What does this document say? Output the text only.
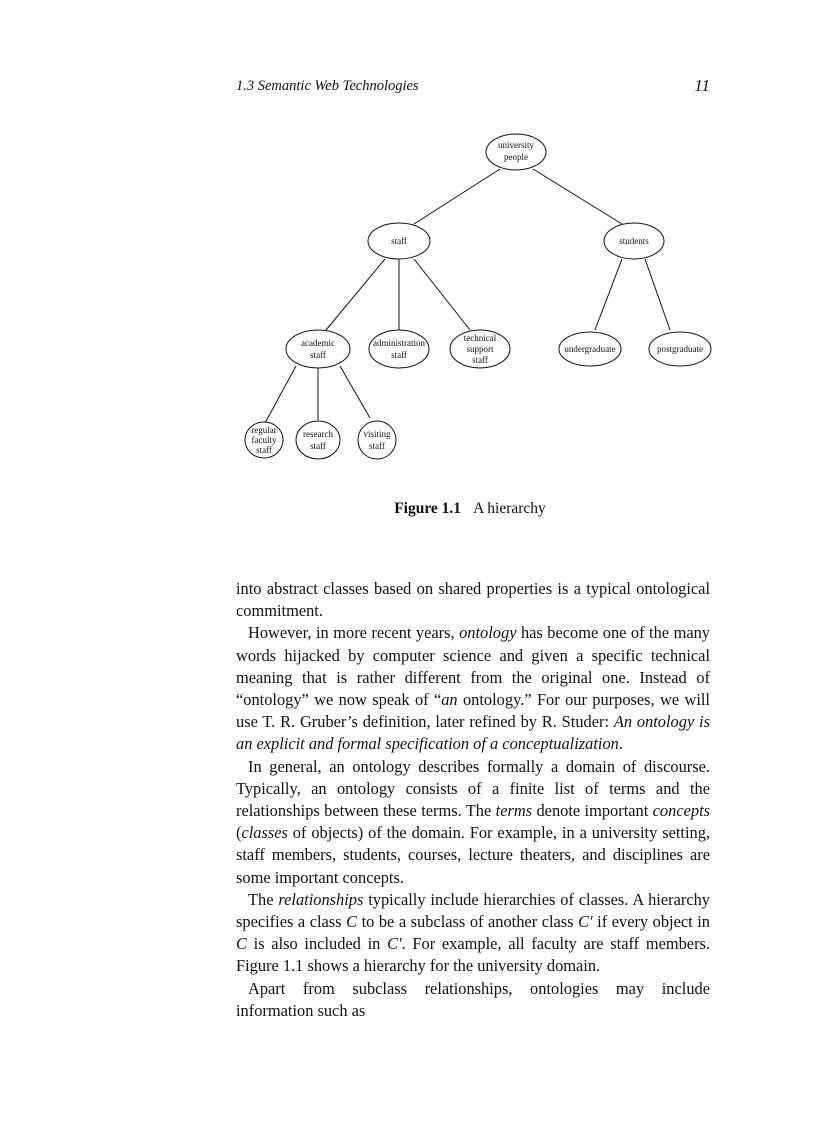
1.3 Semantic Web Technologies	11
university
people
staff	students
academic
staff
administration
staff
technical
support
staff
undergraduate	postgraduate
regular
faculty
staff
research
staff
visiting
staff
Figure 1.1 A hierarchy

into abstract classes based on shared properties is a typical ontological commitment.

However, in more recent years, ontology has become one of the many words hijacked by computer science and given a specific technical meaning that is rather different from the original one. Instead of “ontology” we now speak of “an ontology.” For our purposes, we will use T. R. Gruber’s definition, later refined by R. Studer: An ontology is an explicit and formal specification of a conceptualization.

In general, an ontology describes formally a domain of discourse. Typically, an ontology consists of a finite list of terms and the relationships between these terms. The terms denote important concepts (classes of objects) of the domain. For example, in a university setting, staff members, students, courses, lecture theaters, and disciplines are some important concepts.

The relationships typically include hierarchies of classes. A hierarchy specifies a class C to be a subclass of another class C′ if every object in C is also included in C′. For example, all faculty are staff members. Figure 1.1 shows a hierarchy for the university domain.

Apart from subclass relationships, ontologies may include information such as
